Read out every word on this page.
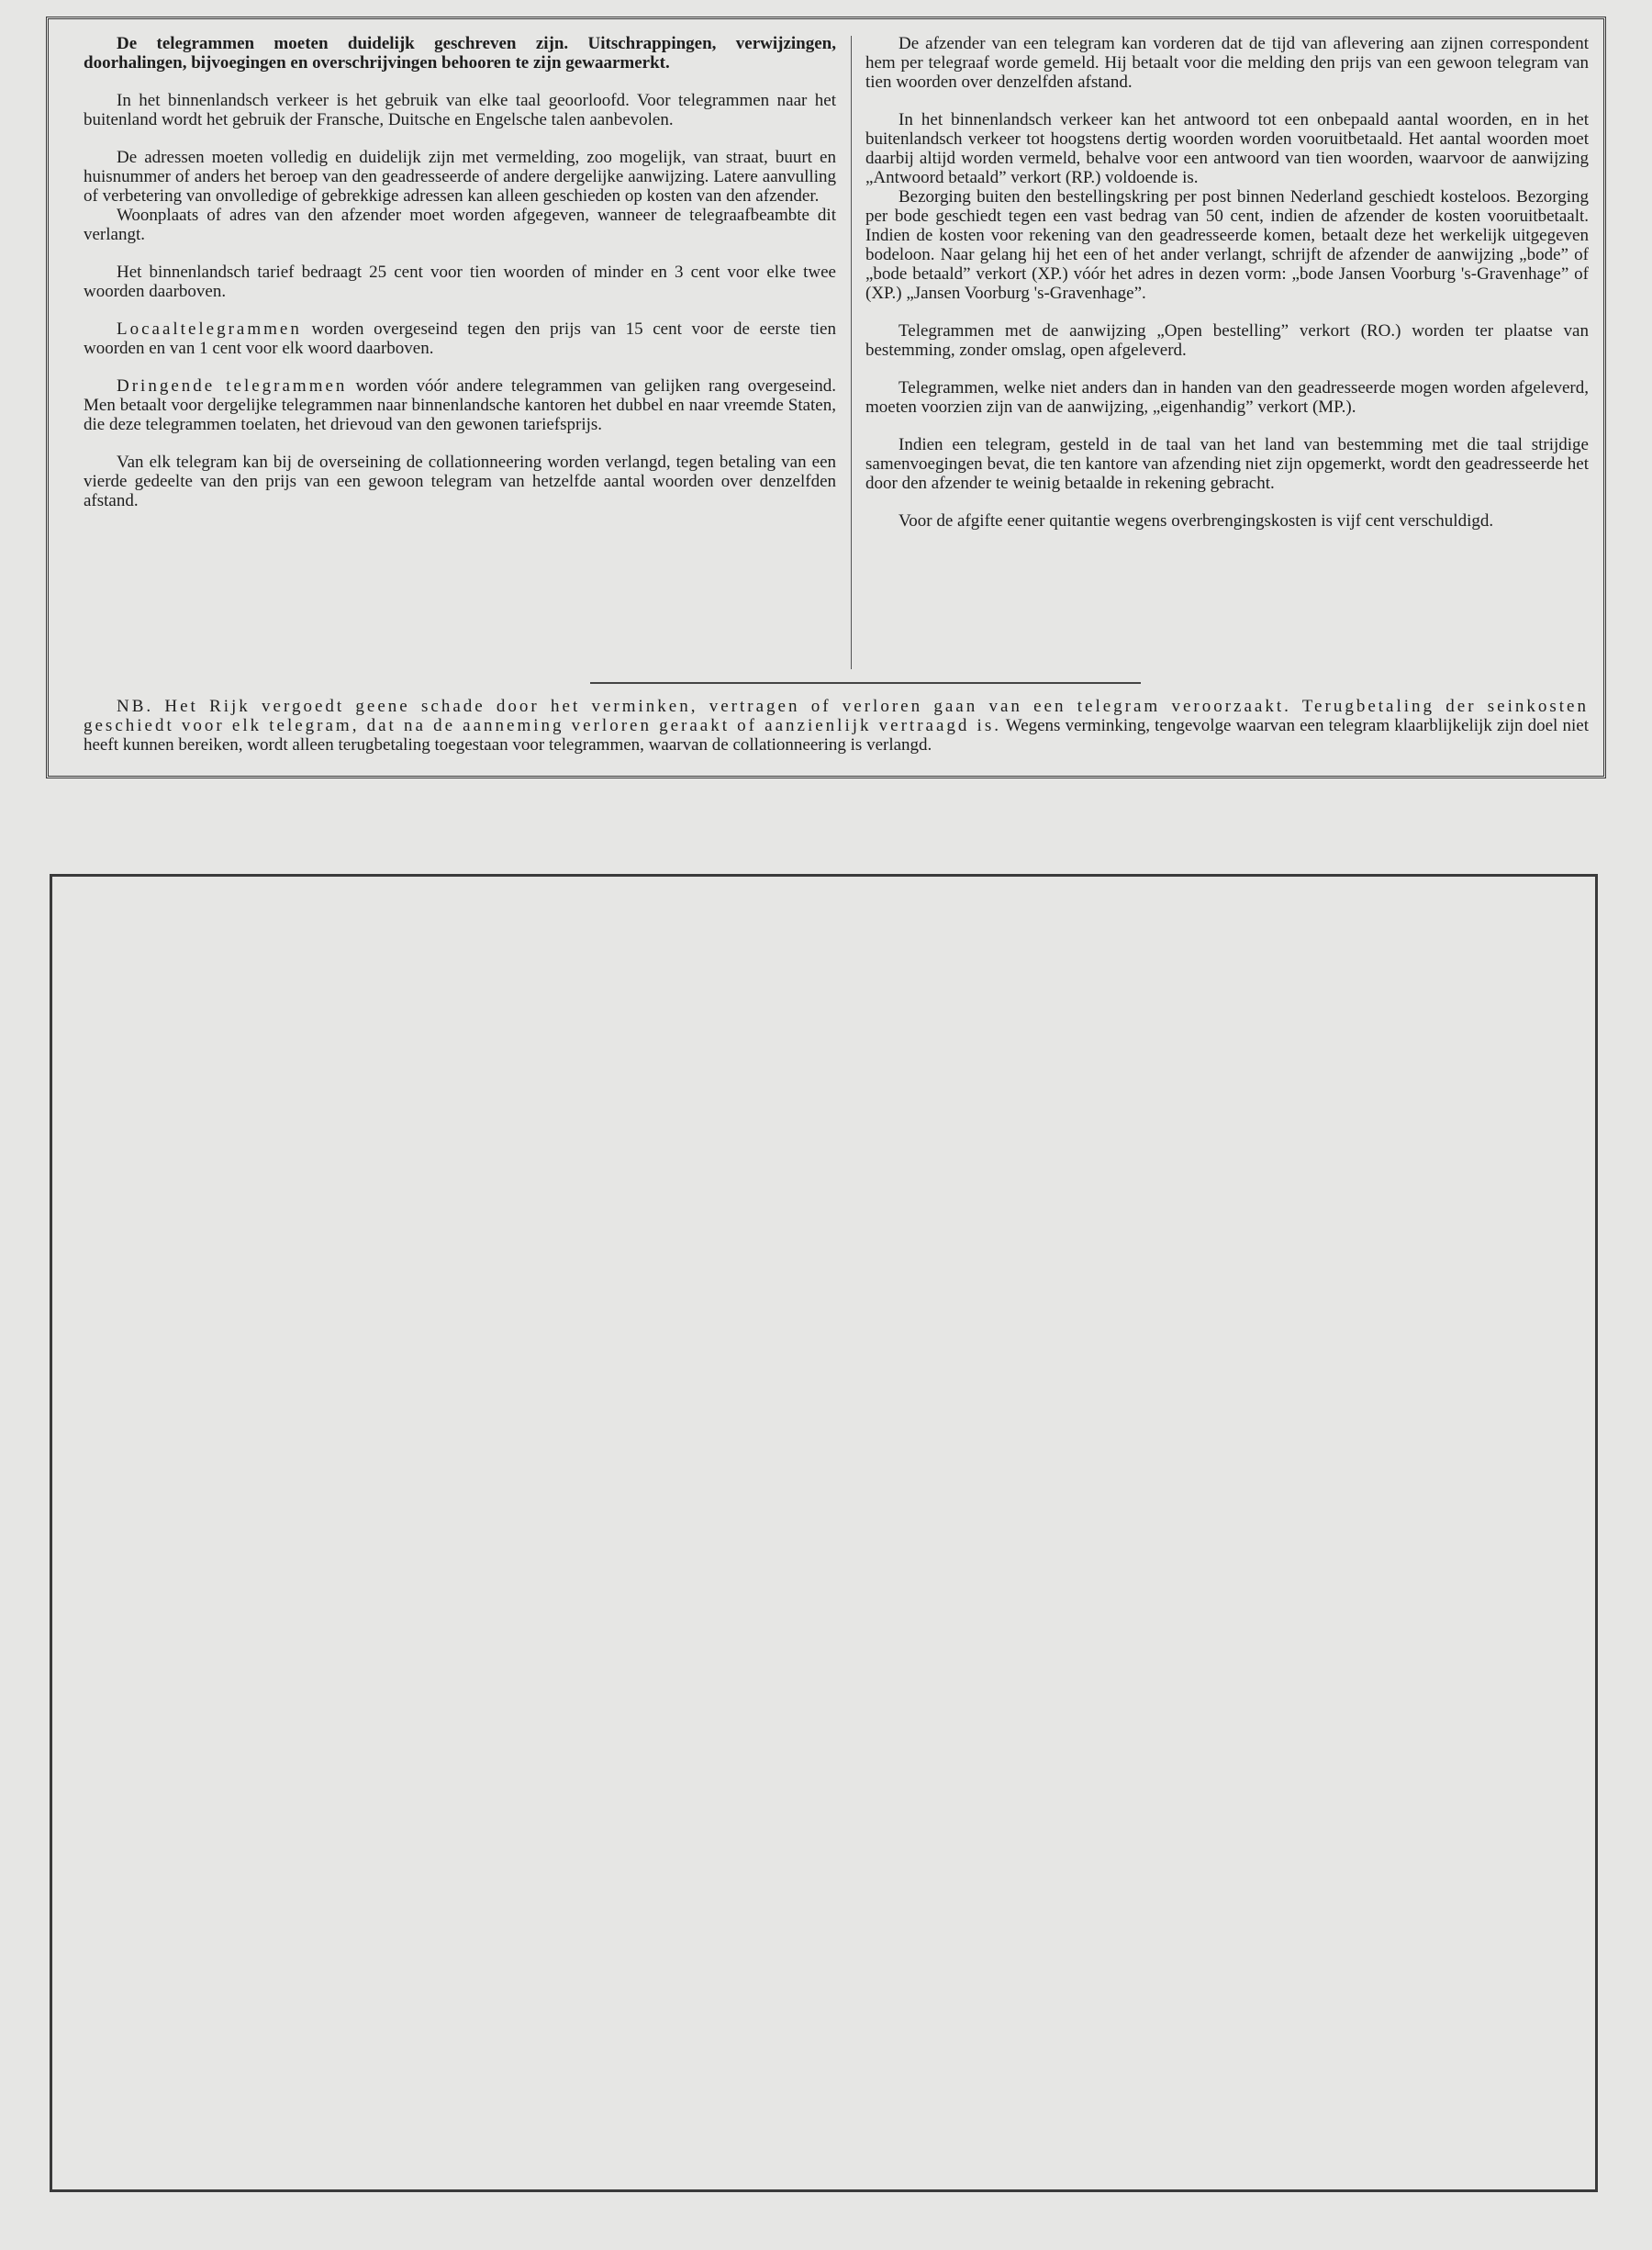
De telegrammen moeten duidelijk geschreven zijn. Uitschrappingen, verwijzingen, doorhalingen, bijvoegingen en overschrijvingen behooren te zijn gewaarmerkt.

In het binnenlandsch verkeer is het gebruik van elke taal geoorloofd. Voor telegrammen naar het buitenland wordt het gebruik der Fransche, Duitsche en Engelsche talen aanbevolen.

De adressen moeten volledig en duidelijk zijn met vermelding, zoo mogelijk, van straat, buurt en huisnummer of anders het beroep van den geadresseerde of andere dergelijke aanwijzing. Latere aanvulling of verbetering van onvolledige of gebrekkige adressen kan alleen geschieden op kosten van den afzender.

Woonplaats of adres van den afzender moet worden afgegeven, wanneer de telegraafbeambte dit verlangt.

Het binnenlandsch tarief bedraagt 25 cent voor tien woorden of minder en 3 cent voor elke twee woorden daarboven.

Locaaltelegrammen worden overgeseind tegen den prijs van 15 cent voor de eerste tien woorden en van 1 cent voor elk woord daarboven.

Dringende telegrammen worden vóór andere telegrammen van gelijken rang overgeseind. Men betaalt voor dergelijke telegrammen naar binnenlandsche kantoren het dubbel en naar vreemde Staten, die deze telegrammen toelaten, het drievoud van den gewonen tariefsprijs.

Van elk telegram kan bij de overseining de collationneering worden verlangd, tegen betaling van een vierde gedeelte van den prijs van een gewoon telegram van hetzelfde aantal woorden over denzelfden afstand.

De afzender van een telegram kan vorderen dat de tijd van aflevering aan zijnen correspondent hem per telegraaf worde gemeld. Hij betaalt voor die melding den prijs van een gewoon telegram van tien woorden over denzelfden afstand.

In het binnenlandsch verkeer kan het antwoord tot een onbepaald aantal woorden, en in het buitenlandsch verkeer tot hoogstens dertig woorden worden vooruitbetaald. Het aantal woorden moet daarbij altijd worden vermeld, behalve voor een antwoord van tien woorden, waarvoor de aanwijzing „Antwoord betaald” verkort (RP.) voldoende is.

Bezorging buiten den bestellingskring per post binnen Nederland geschiedt kosteloos. Bezorging per bode geschiedt tegen een vast bedrag van 50 cent, indien de afzender de kosten vooruitbetaalt. Indien de kosten voor rekening van den geadresseerde komen, betaalt deze het werkelijk uitgegeven bodeloon. Naar gelang hij het een of het ander verlangt, schrijft de afzender de aanwijzing „bode” of „bode betaald” verkort (XP.) vóór het adres in dezen vorm: „bode Jansen Voorburg 's-Gravenhage” of (XP.) „Jansen Voorburg 's-Gravenhage”.

Telegrammen met de aanwijzing „Open bestelling” verkort (RO.) worden ter plaatse van bestemming, zonder omslag, open afgeleverd.

Telegrammen, welke niet anders dan in handen van den geadresseerde mogen worden afgeleverd, moeten voorzien zijn van de aanwijzing, „eigenhandig” verkort (MP.).

Indien een telegram, gesteld in de taal van het land van bestemming met die taal strijdige samenvoegingen bevat, die ten kantore van afzending niet zijn opgemerkt, wordt den geadresseerde het door den afzender te weinig betaalde in rekening gebracht.

Voor de afgifte eener quitantie wegens overbrengingskosten is vijf cent verschuldigd.

NB. Het Rijk vergoedt geene schade door het verminken, vertragen of verloren gaan van een telegram veroorzaakt. Terugbetaling der seinkosten geschiedt voor elk telegram, dat na de aanneming verloren geraakt of aanzienlijk vertraagd is. Wegens verminking, tengevolge waarvan een telegram klaarblijkelijk zijn doel niet heeft kunnen bereiken, wordt alleen terugbetaling toegestaan voor telegrammen, waarvan de collationneering is verlangd.
